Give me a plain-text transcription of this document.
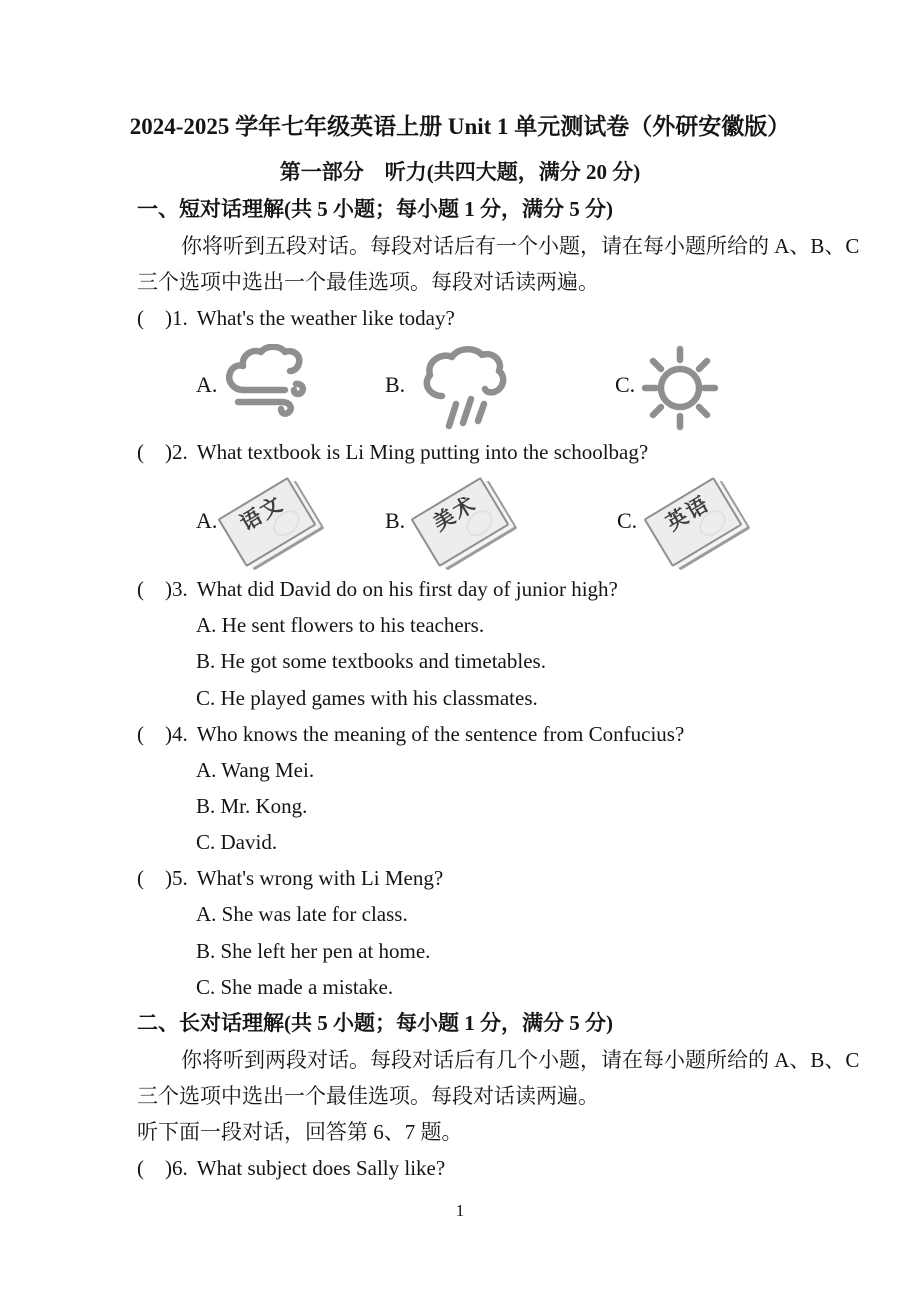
2024-2025 学年七年级英语上册 Unit 1 单元测试卷（外研安徽版）
第一部分　听力(共四大题，满分 20 分)
一、短对话理解(共 5 小题；每小题 1 分，满分 5 分)
你将听到五段对话。每段对话后有一个小题，请在每小题所给的 A、B、C
三个选项中选出一个最佳选项。每段对话读两遍。
(　)1. What's the weather like today?
A.	B.	C.
(　)2. What textbook is Li Ming putting into the schoolbag?
A. 语文	B.	美术	C.	英语
(　)3. What did David do on his first day of junior high?
A. He sent flowers to his teachers.
B. He got some textbooks and timetables.
C. He played games with his classmates.
(　)4. Who knows the meaning of the sentence from Confucius?
A. Wang Mei.
B. Mr. Kong.
C. David.
(　)5. What's wrong with Li Meng?
A. She was late for class.
B. She left her pen at home.
C. She made a mistake.
二、长对话理解(共 5 小题；每小题 1 分，满分 5 分)
你将听到两段对话。每段对话后有几个小题，请在每小题所给的 A、B、C
三个选项中选出一个最佳选项。每段对话读两遍。
听下面一段对话，回答第 6、7 题。
(　)6. What subject does Sally like?
1
